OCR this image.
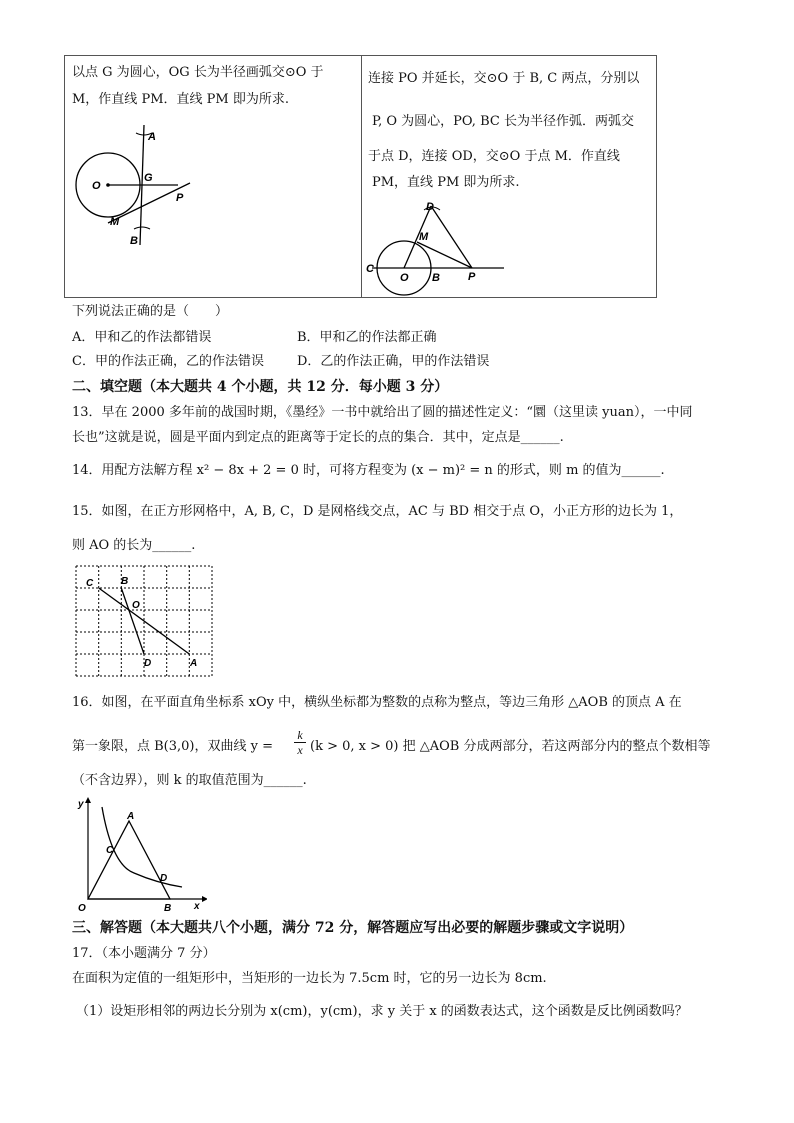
以点 G 为圆心，OG 长为半径画弧交⊙O 于
M，作直线 PM．直线 PM 即为所求.
A
O
G
P
M
B
连接 PO 并延长，交⊙O 于 B, C 两点，分别以
P, O 为圆心，PO, BC 长为半径作弧．两弧交
于点 D，连接 OD，交⊙O 于点 M．作直线
PM，直线 PM 即为所求.
D
M
C
O B	P
下列说法正确的是（　　）
A．甲和乙的作法都错误	B．甲和乙的作法都正确
C．甲的作法正确，乙的作法错误	D．乙的作法正确，甲的作法错误
二、填空题（本大题共 4 个小题，共 12 分．每小题 3 分）
13．早在 2000 多年前的战国时期，《墨经》一书中就给出了圆的描述性定义：“圜（这里读 yuan），一中同
长也”这就是说，圆是平面内到定点的距离等于定长的点的集合．其中，定点是______.
14．用配方法解方程 x² − 8x + 2 = 0 时，可将方程变为 (x − m)² = n 的形式，则 m 的值为______.
15．如图，在正方形网格中，A, B, C，D 是网格线交点，AC 与 BD 相交于点 O，小正方形的边长为 1，
则 AO 的长为______.
C	B
O
D	A
16．如图，在平面直角坐标系 xOy 中，横纵坐标都为整数的点称为整点，等边三角形 △AOB 的顶点 A 在
第一象限，点 B(3,0)，双曲线 $y = \frac{k}{x} (k > 0$, x > 0) 把 △AOB 分成两部分，若这两部分内的整点个数相等
（不含边界），则 k 的取值范围为______.
y
A
C
D
O	B x
三、解答题（本大题共八个小题，满分 72 分，解答题应写出必要的解题步骤或文字说明）
17．（本小题满分 7 分）
在面积为定值的一组矩形中，当矩形的一边长为 7.5cm 时，它的另一边长为 8cm.
（1）设矩形相邻的两边长分别为 x(cm)，y(cm)，求 y 关于 x 的函数表达式，这个函数是反比例函数吗？
